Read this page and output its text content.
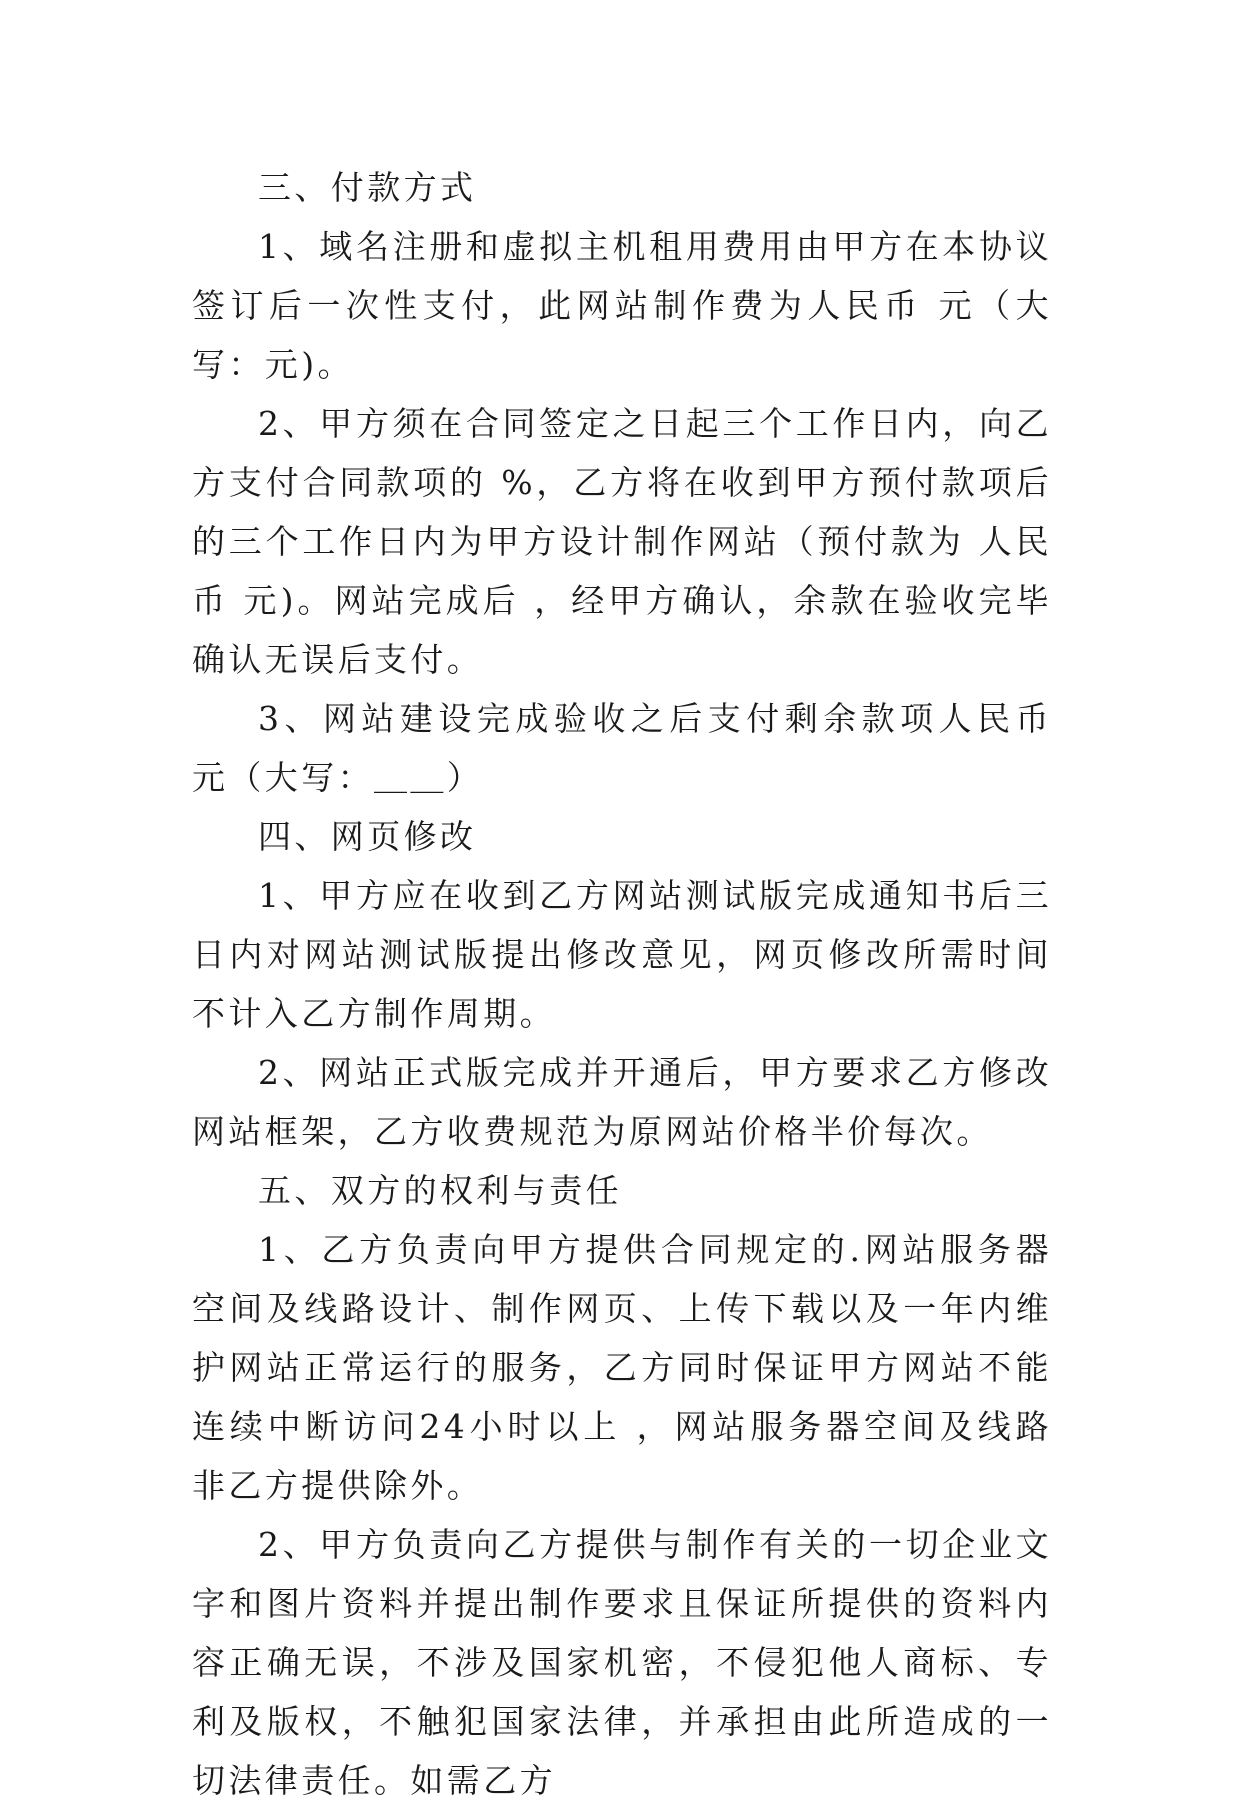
三、付款方式

1、域名注册和虚拟主机租用费用由甲方在本协议签订后一次性支付，此网站制作费为人民币 元（大写：元)。

2、甲方须在合同签定之日起三个工作日内，向乙方支付合同款项的 %，乙方将在收到甲方预付款项后的三个工作日内为甲方设计制作网站（预付款为 人民币 元)。网站完成后 ，经甲方确认，余款在验收完毕确认无误后支付。

3、网站建设完成验收之后支付剩余款项人民币 元（大写：＿＿）

四、网页修改

1、甲方应在收到乙方网站测试版完成通知书后三日内对网站测试版提出修改意见，网页修改所需时间不计入乙方制作周期。

2、网站正式版完成并开通后，甲方要求乙方修改网站框架，乙方收费规范为原网站价格半价每次。

五、双方的权利与责任

1、乙方负责向甲方提供合同规定的.网站服务器空间及线路设计、制作网页、上传下载以及一年内维护网站正常运行的服务，乙方同时保证甲方网站不能连续中断访问24小时以上 ，网站服务器空间及线路非乙方提供除外。

2、甲方负责向乙方提供与制作有关的一切企业文字和图片资料并提出制作要求且保证所提供的资料内容正确无误，不涉及国家机密，不侵犯他人商标、专利及版权，不触犯国家法律，并承担由此所造成的一切法律责任。如需乙方
